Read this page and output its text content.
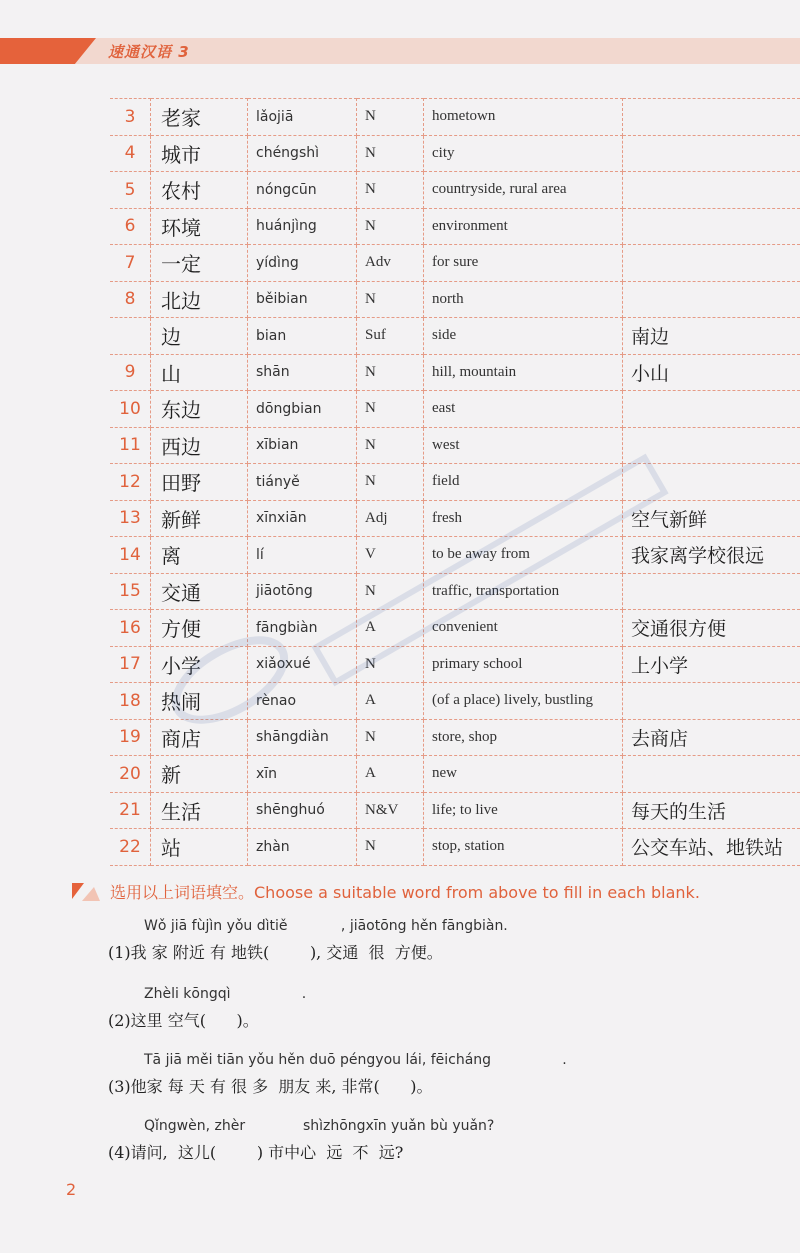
速通汉语 3
3	老家	lǎojiā	N	hometown	
4	城市	chéngshì	N	city	
5	农村	nóngcūn	N	countryside, rural area	
6	环境	huánjìng	N	environment	
7	一定	yídìng	Adv	for sure	
8	北边	běibian	N	north	
	边	bian	Suf	side	南边
9	山	shān	N	hill, mountain	小山
10	东边	dōngbian	N	east	
11	西边	xībian	N	west	
12	田野	tiányě	N	field	
13	新鲜	xīnxiān	Adj	fresh	空气新鲜
14	离	lí	V	to be away from	我家离学校很远
15	交通	jiāotōng	N	traffic, transportation	
16	方便	fāngbiàn	A	convenient	交通很方便
17	小学	xiǎoxué	N	primary school	上小学
18	热闹	rènao	A	(of a place) lively, bustling	
19	商店	shāngdiàn	N	store, shop	去商店
20	新	xīn	A	new	
21	生活	shēnghuó	N&V	life; to live	每天的生活
22	站	zhàn	N	stop, station	公交车站、地铁站
选用以上词语填空。Choose a suitable word from above to fill in each blank.
Wǒ jiā fùjìn yǒu dìtiě            , jiāotōng hěn fāngbiàn.
(1)我 家 附近 有 地铁(        ), 交通  很  方便。
Zhèli kōngqì                .
(2)这里 空气(      )。
Tā jiā měi tiān yǒu hěn duō péngyou lái, fēicháng                .
(3)他家 每 天 有 很 多  朋友 来, 非常(      )。
Qǐngwèn, zhèr             shìzhōngxīn yuǎn bù yuǎn?
(4)请问,  这儿(        ) 市中心  远  不  远?
2
